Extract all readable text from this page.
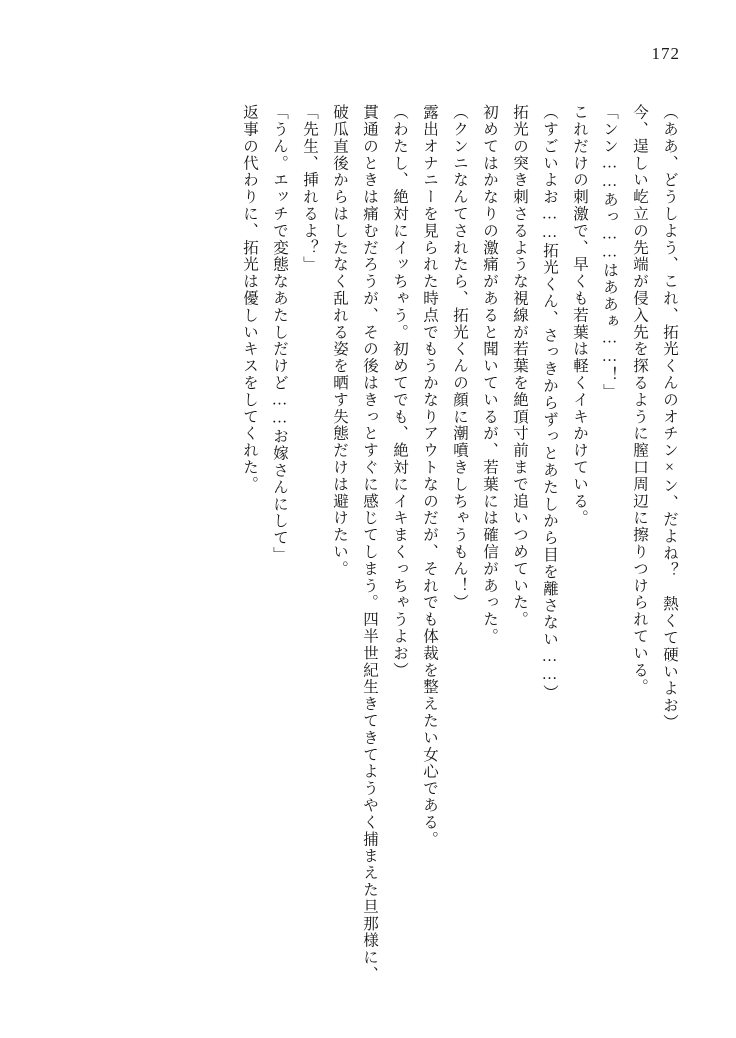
172

（ああ、どうしよう、これ、拓光くんのオチン×ン、だよね？　熱くて硬いよお）

今、逞しい屹立の先端が侵入先を探るように膣口周辺に擦りつけられている。

「ンン……あっ……はああぁ……！」

これだけの刺激で、早くも若葉は軽くイキかけている。

（すごいよお……拓光くん、さっきからずっとあたしから目を離さない……）

拓光の突き刺さるような視線が若葉を絶頂寸前まで追いつめていた。

初めてはかなりの激痛があると聞いているが、若葉には確信があった。

（クンニなんてされたら、拓光くんの顔に潮噴きしちゃうもん！）

露出オナニーを見られた時点でもうかなりアウトなのだが、それでも体裁を整えたい女心である。

（わたし、絶対にイッちゃう。初めてでも、絶対にイキまくっちゃうよお）

貫通のときは痛むだろうが、その後はきっとすぐに感じてしまう。四半世紀生きてきてようやく捕まえた旦那様に、破瓜直後からはしたなく乱れる姿を晒す失態だけは避けたい。

「先生、挿れるよ？」

「うん。エッチで変態なあたしだけど……お嫁さんにして」

返事の代わりに、拓光は優しいキスをしてくれた。
